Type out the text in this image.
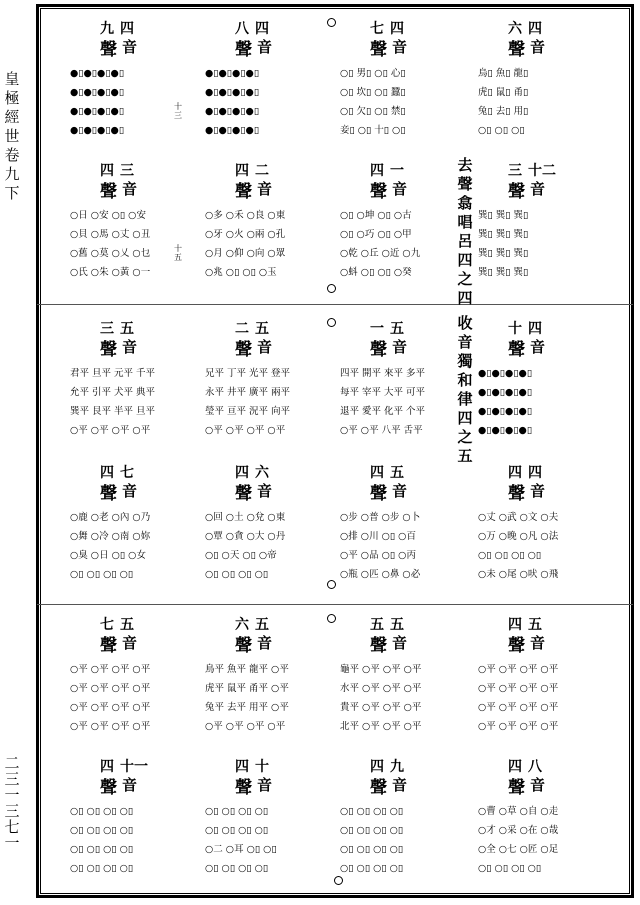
皇極經世　卷九下
二三一三七一
九 四
聲 音
●▯●▯●▯●▯
●▯●▯●▯●▯
●▯●▯●▯●▯
●▯●▯●▯●▯
十三
八 四
聲 音
●▯●▯●▯●▯
●▯●▯●▯●▯
●▯●▯●▯●▯
●▯●▯●▯●▯
七 四
聲 音
○▯ 男▯ ○▯ 心▯
○▯ 坎▯ ○▯ 蠶▯
○▯ 欠▯ ○▯ 禁▯
妾▯ ○▯ 十▯ ○▯
六 四
聲 音
烏▯ 魚▯ 龍▯
虎▯ 鼠▯ 甬▯
兔▯ 去▯ 用▯
○▯ ○▯ ○▯
四 三
聲 音
○日 ○安 ○▯ ○安
○貝 ○馬 ○丈 ○丑
○舊 ○莫 ○乂 ○乜
○氏 ○朱 ○黃 ○一
十五
四 二
聲 音
○多 ○禾 ○良 ○東
○牙 ○火 ○兩 ○孔
○月 ○仰 ○向 ○眾
○兆 ○▯ ○▯ ○玉
四 一
聲 音
○▯ ○坤 ○▯ ○古
○▯ ○巧 ○▯ ○甲
○乾 ○丘 ○近 ○九
○蚪 ○▯ ○▯ ○癸
三 十二
聲 音
巽▯ 巽▯ 巽▯
巽▯ 巽▯ 巽▯
巽▯ 巽▯ 巽▯
巽▯ 巽▯ 巽▯
去聲翕唱呂四之四
三 五
聲 音
君平 旦平 元平 千平
允平 引平 犬平 典平
巽平 艮平 半平 旦平
○平 ○平 ○平 ○平
二 五
聲 音
兄平 丁平 光平 登平
永平 井平 廣平 兩平
瑩平 亘平 況平 向平
○平 ○平 ○平 ○平
一 五
聲 音
四平 開平 來平 多平
每平 宰平 大平 可平
退平 愛平 化平 个平
○平 ○平 八平 舌平
十 四
聲 音
●▯●▯●▯●▯
●▯●▯●▯●▯
●▯●▯●▯●▯
●▯●▯●▯●▯
收音獨和律四之五
四 七
聲 音
○鹿 ○老 ○內 ○乃
○舞 ○冷 ○南 ○妳
○臭 ○日 ○▯ ○女
○▯ ○▯ ○▯ ○▯
四 六
聲 音
○回 ○土 ○兌 ○東
○覃 ○貪 ○大 ○丹
○▯ ○天 ○▯ ○帝
○▯ ○▯ ○▯ ○▯
四 五
聲 音
○步 ○普 ○步 ○卜
○排 ○川 ○▯ ○百
○平 ○品 ○▯ ○丙
○瓶 ○匹 ○鼻 ○必
四 四
聲 音
○丈 ○武 ○文 ○夫
○万 ○晚 ○凡 ○法
○▯ ○▯ ○▯ ○▯
○未 ○尾 ○吠 ○飛
七 五
聲 音
○平 ○平 ○平 ○平
○平 ○平 ○平 ○平
○平 ○平 ○平 ○平
○平 ○平 ○平 ○平
六 五
聲 音
鳥平 魚平 龍平 ○平
虎平 鼠平 甬平 ○平
兔平 去平 用平 ○平
○平 ○平 ○平 ○平
五 五
聲 音
龜平 ○平 ○平 ○平
水平 ○平 ○平 ○平
貴平 ○平 ○平 ○平
北平 ○平 ○平 ○平
四 五
聲 音
○平 ○平 ○平 ○平
○平 ○平 ○平 ○平
○平 ○平 ○平 ○平
○平 ○平 ○平 ○平
四 十一
聲 音
○▯ ○▯ ○▯ ○▯
○▯ ○▯ ○▯ ○▯
○▯ ○▯ ○▯ ○▯
○▯ ○▯ ○▯ ○▯
四 十
聲 音
○▯ ○▯ ○▯ ○▯
○▯ ○▯ ○▯ ○▯
○二 ○耳 ○▯ ○▯
○▯ ○▯ ○▯ ○▯
四 九
聲 音
○▯ ○▯ ○▯ ○▯
○▯ ○▯ ○▯ ○▯
○▯ ○▯ ○▯ ○▯
○▯ ○▯ ○▯ ○▯
四 八
聲 音
○曹 ○草 ○自 ○走
○才 ○采 ○在 ○哉
○全 ○七 ○匠 ○足
○▯ ○▯ ○▯ ○▯
